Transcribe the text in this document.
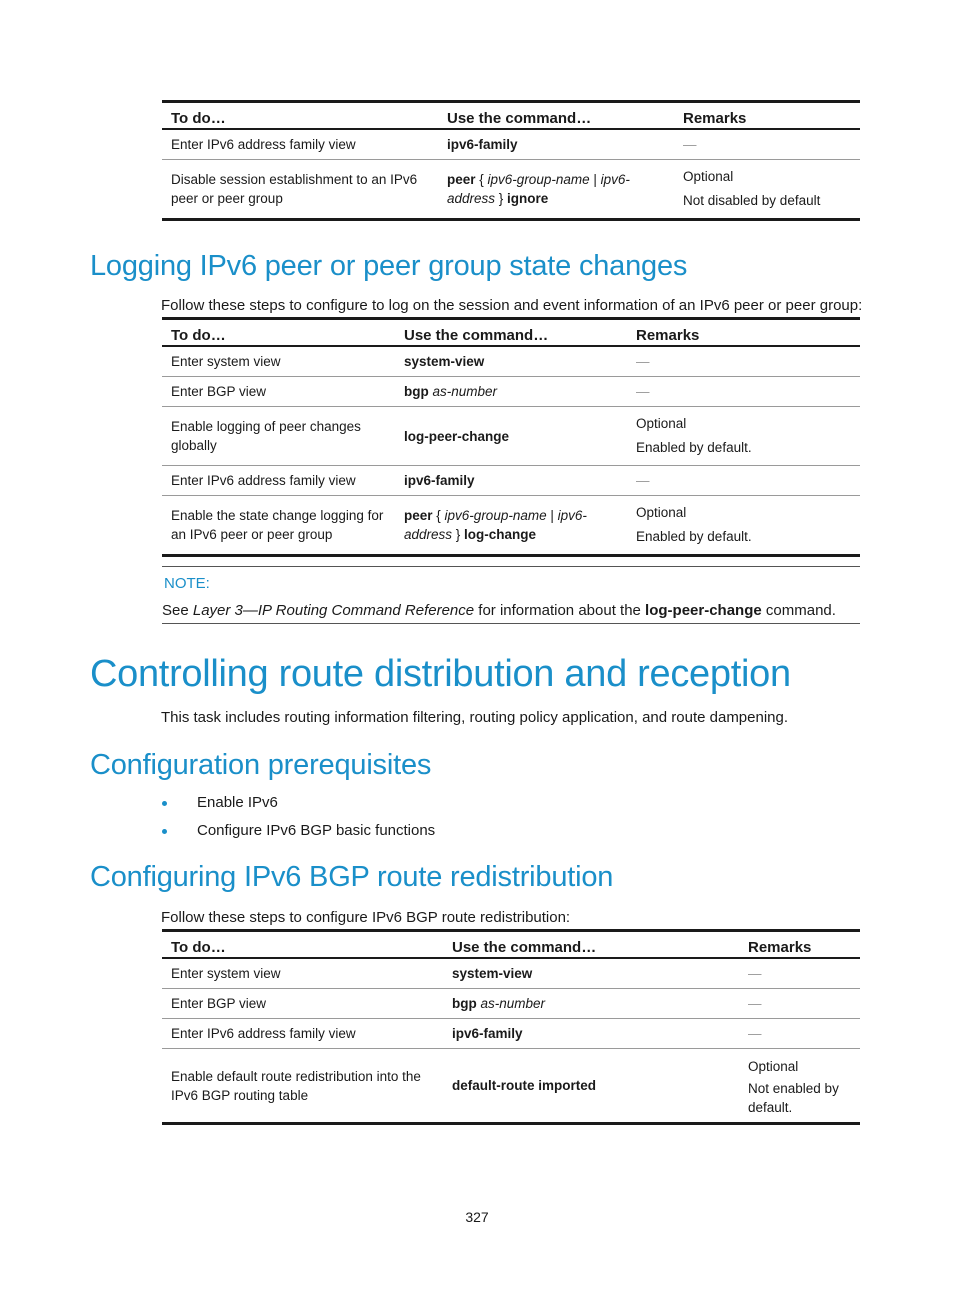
To do…	Use the command…	Remarks
Enter IPv6 address family view	ipv6-family	—
Disable session establishment to an IPv6 peer or peer group	peer { ipv6-group-name | ipv6-address } ignore	Optional
Not disabled by default
Logging IPv6 peer or peer group state changes
Follow these steps to configure to log on the session and event information of an IPv6 peer or peer group:
To do…	Use the command…	Remarks
Enter system view	system-view	—
Enter BGP view	bgp as-number	—
Enable logging of peer changes globally	log-peer-change	Optional
Enabled by default.

Enter IPv6 address family view	ipv6-family	—
Enable the state change logging for an IPv6 peer or peer group	peer { ipv6-group-name | ipv6-address } log-change	Optional
Enabled by default.
NOTE:
See Layer 3—IP Routing Command Reference for information about the log-peer-change command.
Controlling route distribution and reception
This task includes routing information filtering, routing policy application, and route dampening.
Configuration prerequisites
Enable IPv6
Configure IPv6 BGP basic functions
Configuring IPv6 BGP route redistribution
Follow these steps to configure IPv6 BGP route redistribution:
To do…	Use the command…	Remarks
Enter system view	system-view	—
Enter BGP view	bgp as-number	—
Enter IPv6 address family view	ipv6-family	—
Enable default route redistribution into the IPv6 BGP routing table	default-route imported	Optional
Not enabled by default.
327
